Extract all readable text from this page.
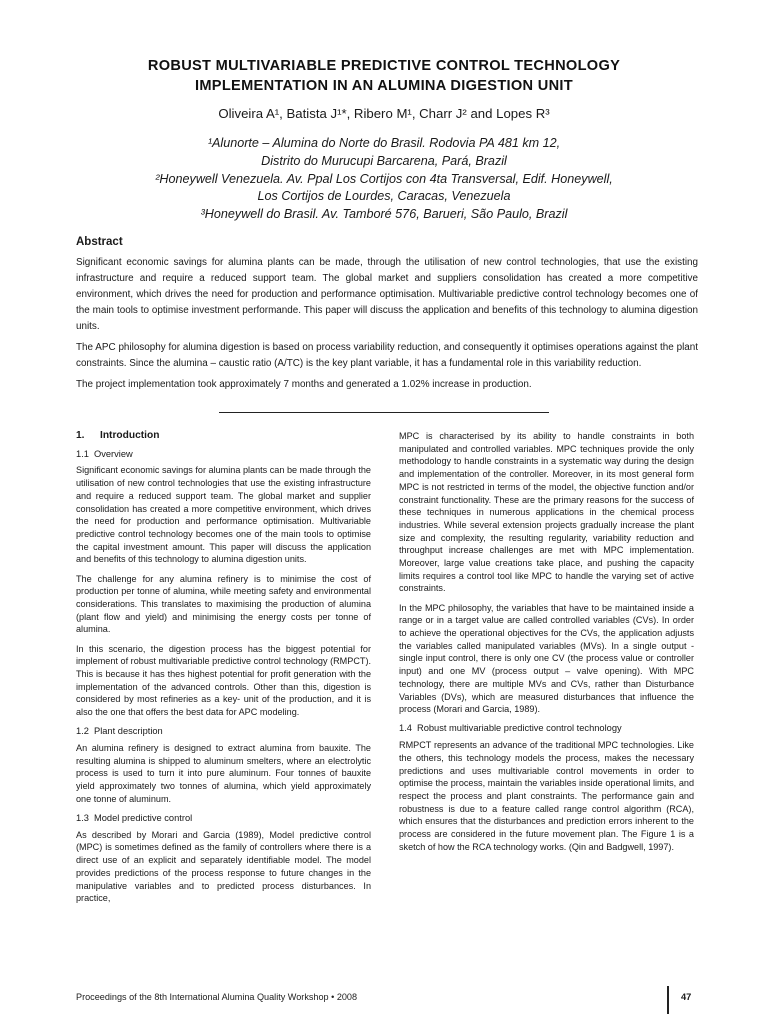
ROBUST MULTIVARIABLE PREDICTIVE CONTROL TECHNOLOGY
IMPLEMENTATION IN AN ALUMINA DIGESTION UNIT
Oliveira A¹, Batista J¹*, Ribero M¹, Charr J² and Lopes R³
¹Alunorte – Alumina do Norte do Brasil. Rodovia PA 481 km 12,
Distrito do Murucupi Barcarena, Pará, Brazil
²Honeywell Venezuela. Av. Ppal Los Cortijos con 4ta Transversal, Edif. Honeywell,
Los Cortijos de Lourdes, Caracas, Venezuela
³Honeywell do Brasil. Av. Tamboré 576, Barueri, São Paulo, Brazil
Abstract

Significant economic savings for alumina plants can be made, through the utilisation of new control technologies, that use the existing infrastructure and require a reduced support team. The global market and suppliers consolidation has created a more competitive environment, which drives the need for production and performance optimisation. Multivariable predictive control technology becomes one of the main tools to optimise investment performande. This paper will discuss the application and benefits of this technology to alumina digestion units.

The APC philosophy for alumina digestion is based on process variability reduction, and consequently it optimises operations against the plant constraints. Since the alumina – caustic ratio (A/TC) is the key plant variable, it has a fundamental role in this variability reduction.

The project implementation took approximately 7 months and generated a 1.02% increase in production.

1. Introduction
1.1 Overview

Significant economic savings for alumina plants can be made through the utilisation of new control technologies that use the existing infrastructure and require a reduced support team. The global market and supplier consolidation has created a more competitive environment, which drives the need for production and performance optimisation. Multivariable predictive control technology becomes one of the main tools to optimise the capital investment amount. This paper will discuss the application and benefits of this technology to alumina digestion units.

The challenge for any alumina refinery is to minimise the cost of production per tonne of alumina, while meeting safety and environmental considerations. This translates to maximising the production of alumina (plant flow and yield) and minimising the energy costs per tonne of alumina.

In this scenario, the digestion process has the biggest potential for implement of robust multivariable predictive control technology (RMPCT). This is because it has thes highest potential for profit generation with the implementation of the advanced controls. Other than this, digestion is considered by most refineries as a key- unit of the production, and it is also the one that offers the best data for APC modeling.

1.2 Plant description

An alumina refinery is designed to extract alumina from bauxite. The resulting alumina is shipped to aluminum smelters, where an electrolytic process is used to turn it into pure aluminum. Four tonnes of bauxite yield approximately two tonnes of alumina, which yield approximately one tonne of aluminum.

1.3 Model predictive control

As described by Morari and Garcia (1989), Model predictive control (MPC) is sometimes defined as the family of controllers where there is a direct use of an explicit and separately identifiable model. The model provides predictions of the process response to future changes in the manipulative variables and to predicted process disturbances. In practice,

MPC is characterised by its ability to handle constraints in both manipulated and controlled variables. MPC techniques provide the only methodology to handle constraints in a systematic way during the design and implementation of the controller. Moreover, in its most general form MPC is not restricted in terms of the model, the objective function and/or constraint functionality. These are the primary reasons for the success of these techniques in numerous applications in the chemical process industries. While several extension projects gradually increase the plant size and complexity, the resulting regularity, variability reduction and throughput increase challenges are met with MPC implementation. Moreover, large value creations take place, and pushing the capacity limits requires a control tool like MPC to handle the varying set of active constraints.

In the MPC philosophy, the variables that have to be maintained inside a range or in a target value are called controlled variables (CVs). In order to achieve the operational objectives for the CVs, the application adjusts the variables called manipulated variables (MVs). In a single output - single input control, there is only one CV (the process value or controller input) and one MV (process output – valve opening). With MPC technology, there are multiple MVs and CVs, rather than Disturbance Variables (DVs), which are measured disturbances that influence the process (Morari and Garcia, 1989).

1.4 Robust multivariable predictive control technology

RMPCT represents an advance of the traditional MPC technologies. Like the others, this technology models the process, makes the necessary predictions and uses multivariable control movements in order to optimise the process, maintain the variables inside operational limits, and respect the process and plant constraints. The performance gain and robustness is due to a feature called range control algorithm (RCA), which ensures that the disturbances and prediction errors inherent to the process are considered in the future movement plan. The Figure 1 is a sketch of how the RCA technology works. (Qin and Badgwell, 1997).

Proceedings of the 8th International Alumina Quality Workshop • 2008	47
